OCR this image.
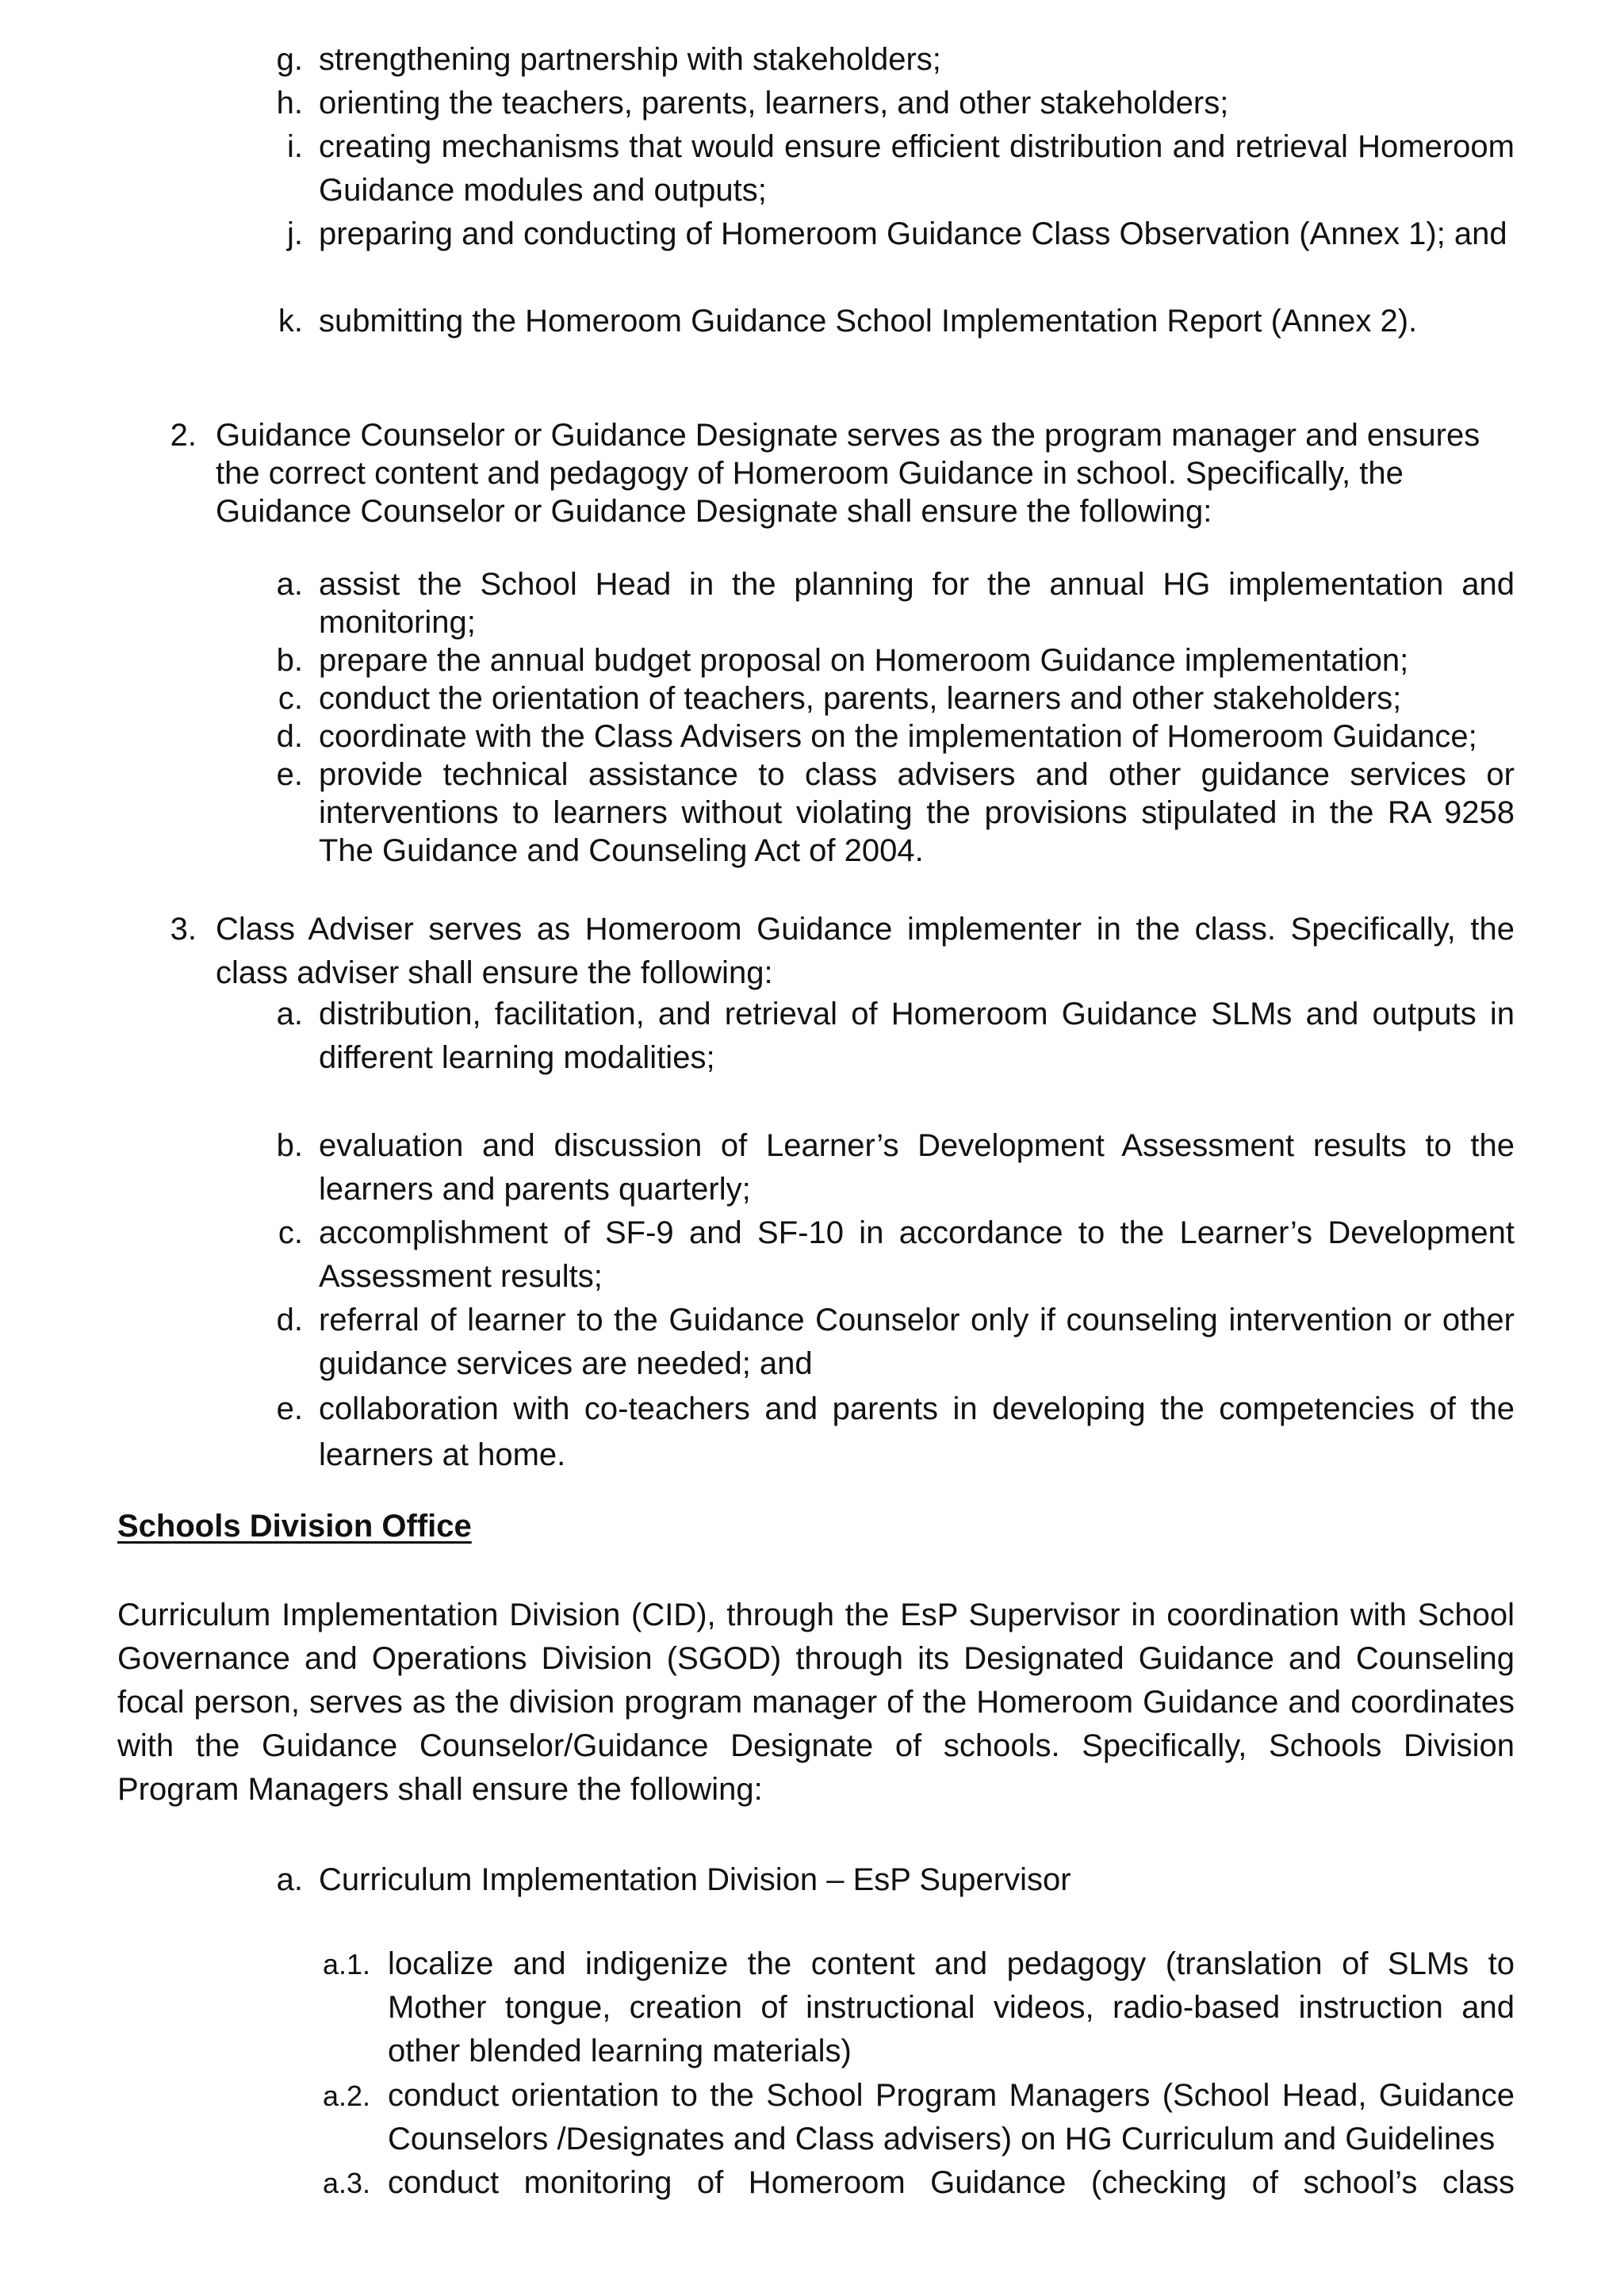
g. strengthening partnership with stakeholders;
h. orienting the teachers, parents, learners, and other stakeholders;
i. creating mechanisms that would ensure efficient distribution and retrieval Homeroom Guidance modules and outputs;
j. preparing and conducting of Homeroom Guidance Class Observation (Annex 1); and
k. submitting the Homeroom Guidance School Implementation Report (Annex 2).
2. Guidance Counselor or Guidance Designate serves as the program manager and ensures the correct content and pedagogy of Homeroom Guidance in school. Specifically, the Guidance Counselor or Guidance Designate shall ensure the following:
a. assist the School Head in the planning for the annual HG implementation and monitoring;
b. prepare the annual budget proposal on Homeroom Guidance implementation;
c. conduct the orientation of teachers, parents, learners and other stakeholders;
d. coordinate with the Class Advisers on the implementation of Homeroom Guidance;
e. provide technical assistance to class advisers and other guidance services or interventions to learners without violating the provisions stipulated in the RA 9258 The Guidance and Counseling Act of 2004.
3. Class Adviser serves as Homeroom Guidance implementer in the class. Specifically, the class adviser shall ensure the following:
a. distribution, facilitation, and retrieval of Homeroom Guidance SLMs and outputs in different learning modalities;
b. evaluation and discussion of Learner’s Development Assessment results to the learners and parents quarterly;
c. accomplishment of SF-9 and SF-10 in accordance to the Learner’s Development Assessment results;
d. referral of learner to the Guidance Counselor only if counseling intervention or other guidance services are needed; and
e. collaboration with co-teachers and parents in developing the competencies of the learners at home.
Schools Division Office
Curriculum Implementation Division (CID), through the EsP Supervisor in coordination with School Governance and Operations Division (SGOD) through its Designated Guidance and Counseling focal person, serves as the division program manager of the Homeroom Guidance and coordinates with the Guidance Counselor/Guidance Designate of schools. Specifically, Schools Division Program Managers shall ensure the following:
a. Curriculum Implementation Division – EsP Supervisor
a.1. localize and indigenize the content and pedagogy (translation of SLMs to Mother tongue, creation of instructional videos, radio-based instruction and other blended learning materials)
a.2. conduct orientation to the School Program Managers (School Head, Guidance Counselors /Designates and Class advisers) on HG Curriculum and Guidelines
a.3. conduct monitoring of Homeroom Guidance (checking of school’s class
